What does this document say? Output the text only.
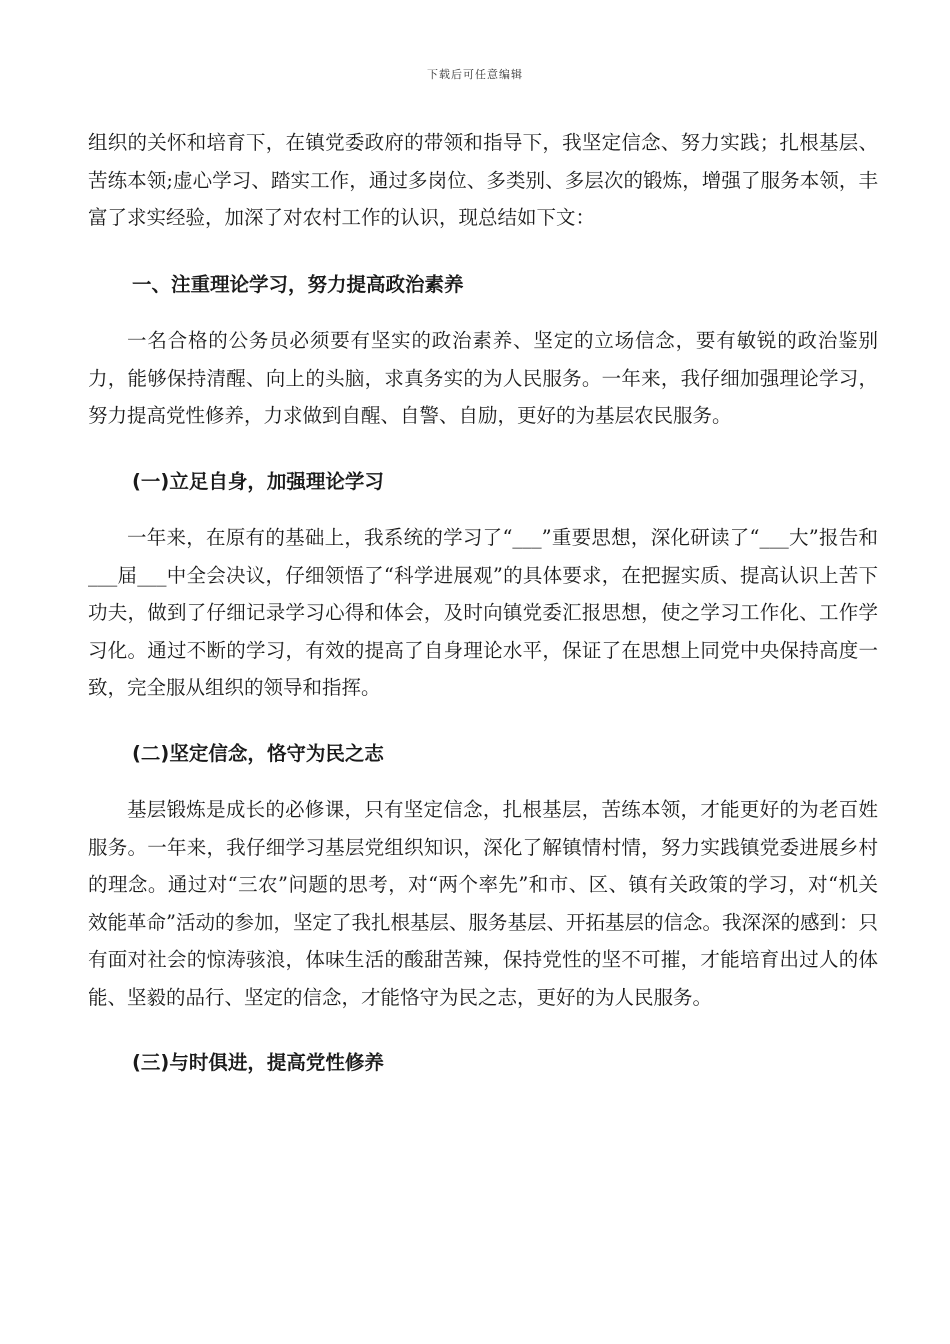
下载后可任意编辑

组织的关怀和培育下，在镇党委政府的带领和指导下，我坚定信念、努力实践；扎根基层、苦练本领;虚心学习、踏实工作，通过多岗位、多类别、多层次的锻炼，增强了服务本领，丰富了求实经验，加深了对农村工作的认识，现总结如下文：

一、注重理论学习，努力提高政治素养

一名合格的公务员必须要有坚实的政治素养、坚定的立场信念，要有敏锐的政治鉴别力，能够保持清醒、向上的头脑，求真务实的为人民服务。一年来，我仔细加强理论学习，努力提高党性修养，力求做到自醒、自警、自励，更好的为基层农民服务。

(一)立足自身，加强理论学习

一年来，在原有的基础上，我系统的学习了“___”重要思想，深化研读了“___大”报告和___届___中全会决议，仔细领悟了“科学进展观”的具体要求，在把握实质、提高认识上苦下功夫，做到了仔细记录学习心得和体会，及时向镇党委汇报思想，使之学习工作化、工作学习化。通过不断的学习，有效的提高了自身理论水平，保证了在思想上同党中央保持高度一致，完全服从组织的领导和指挥。

(二)坚定信念，恪守为民之志

基层锻炼是成长的必修课，只有坚定信念，扎根基层，苦练本领，才能更好的为老百姓服务。一年来，我仔细学习基层党组织知识，深化了解镇情村情，努力实践镇党委进展乡村的理念。通过对“三农”问题的思考，对“两个率先”和市、区、镇有关政策的学习，对“机关效能革命”活动的参加，坚定了我扎根基层、服务基层、开拓基层的信念。我深深的感到：只有面对社会的惊涛骇浪，体味生活的酸甜苦辣，保持党性的坚不可摧，才能培育出过人的体能、坚毅的品行、坚定的信念，才能恪守为民之志，更好的为人民服务。

(三)与时俱进，提高党性修养
